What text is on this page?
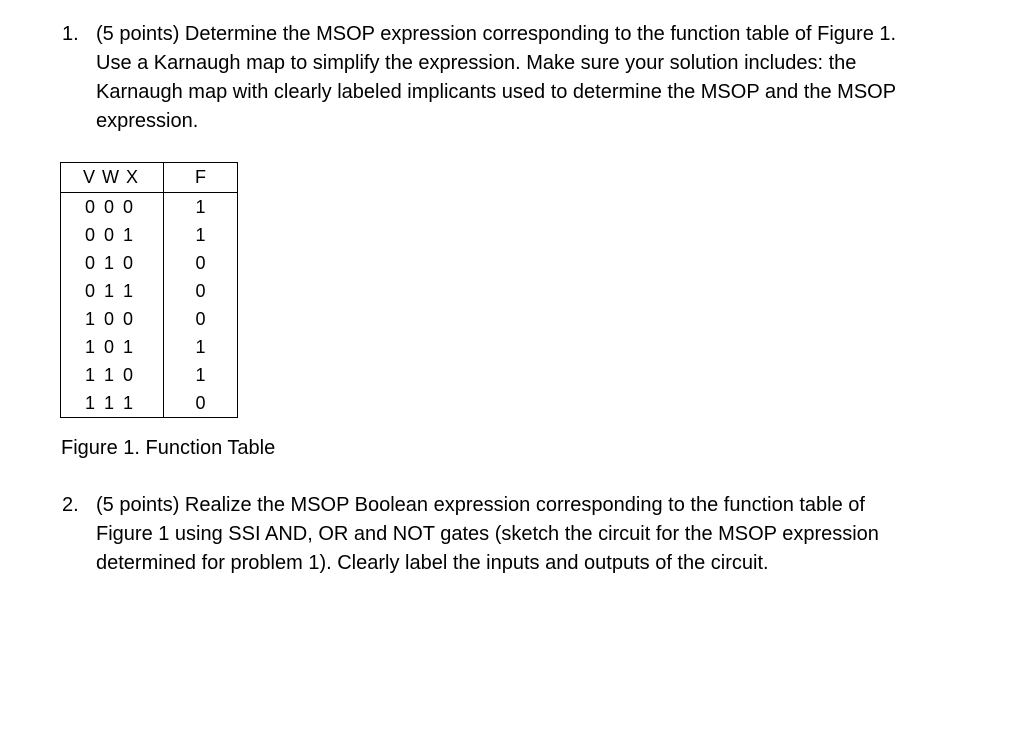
1. (5 points) Determine the MSOP expression corresponding to the function table of Figure 1.
Use a Karnaugh map to simplify the expression. Make sure your solution includes: the
Karnaugh map with clearly labeled implicants used to determine the MSOP and the MSOP
expression.
V W X	F
0 0 0	1
0 0 1	1
0 1 0	0
0 1 1	0
1 0 0	0
1 0 1	1
1 1 0	1
1 1 1	0
Figure 1. Function Table
2. (5 points) Realize the MSOP Boolean expression corresponding to the function table of
Figure 1 using SSI AND, OR and NOT gates (sketch the circuit for the MSOP expression
determined for problem 1). Clearly label the inputs and outputs of the circuit.
